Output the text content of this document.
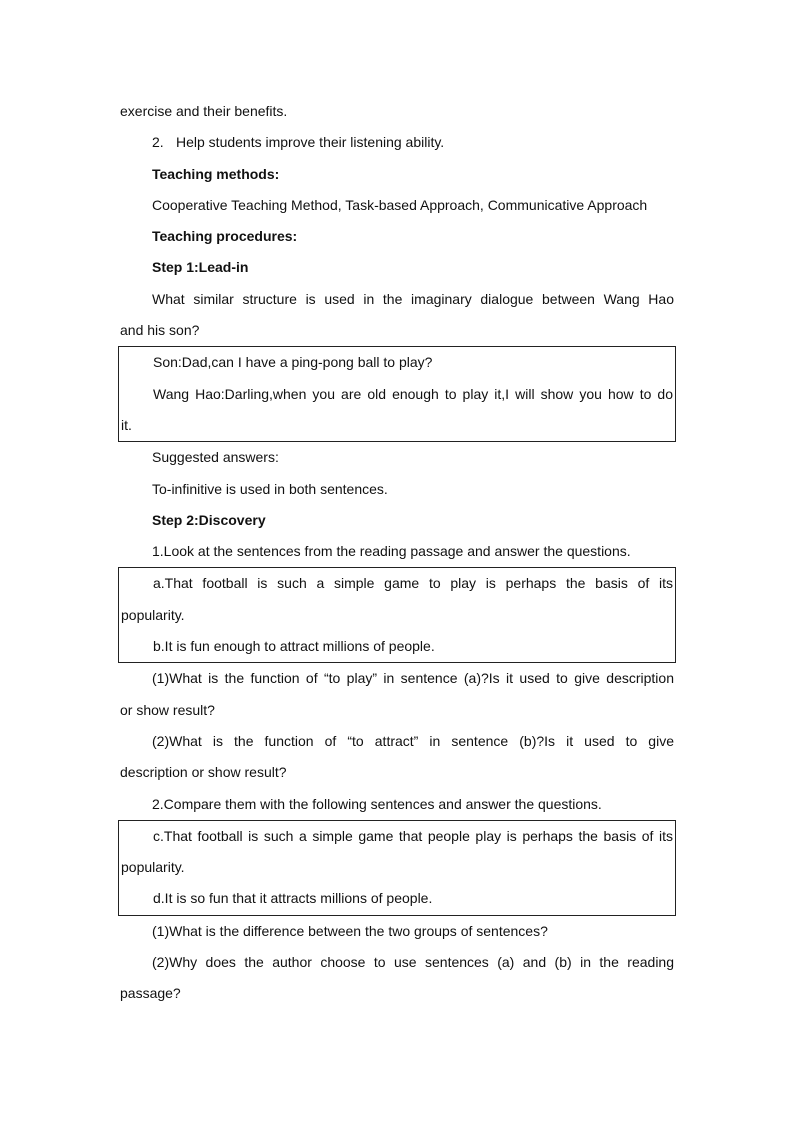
exercise and their benefits.
2. Help students improve their listening ability.
Teaching methods:
Cooperative Teaching Method, Task-based Approach, Communicative Approach
Teaching procedures:
Step 1:Lead-in
What similar structure is used in the imaginary dialogue between Wang Hao
and his son?
Son:Dad,can I have a ping-pong ball to play?
Wang Hao:Darling,when you are old enough to play it,I will show you how to do
it.
Suggested answers:
To-infinitive is used in both sentences.
Step 2:Discovery
1.Look at the sentences from the reading passage and answer the questions.
a.That football is such a simple game to play is perhaps the basis of its
popularity.
b.It is fun enough to attract millions of people.
(1)What is the function of “to play” in sentence (a)?Is it used to give description
or show result?
(2)What is the function of “to attract” in sentence (b)?Is it used to give
description or show result?
2.Compare them with the following sentences and answer the questions.
c.That football is such a simple game that people play is perhaps the basis of its
popularity.
d.It is so fun that it attracts millions of people.
(1)What is the difference between the two groups of sentences?
(2)Why does the author choose to use sentences (a) and (b) in the reading
passage?
